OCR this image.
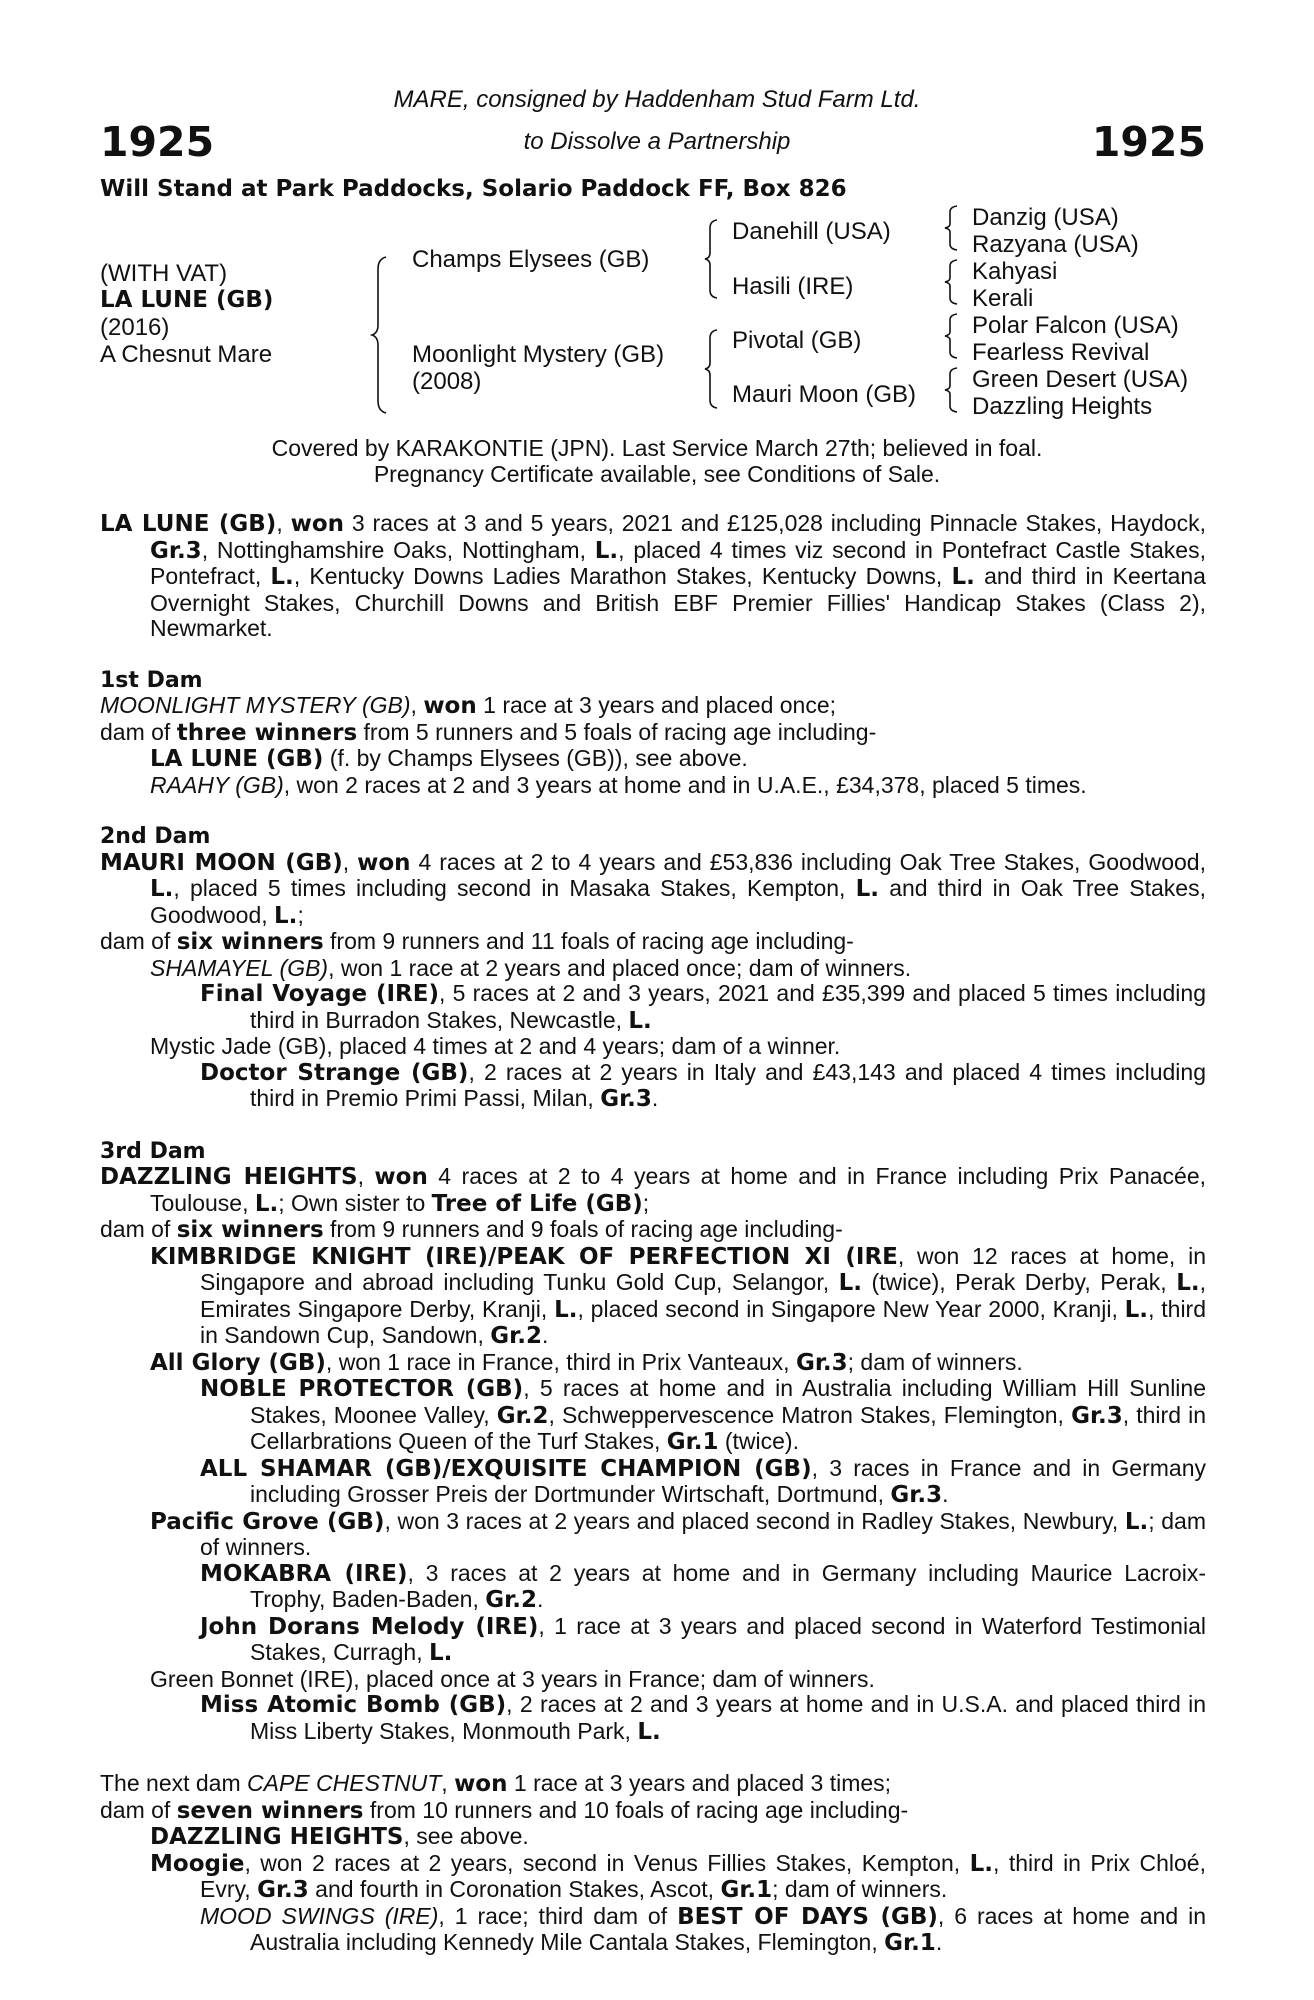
1925	1925
MARE, consigned by Haddenham Stud Farm Ltd.
to Dissolve a Partnership
Will Stand at Park Paddocks, Solario Paddock FF, Box 826
(WITH VAT)
LA LUNE (GB)
(2016)
A Chesnut Mare
Champs Elysees (GB)
Moonlight Mystery (GB)
(2008)
Danehill (USA)
Hasili (IRE)
Pivotal (GB)
Mauri Moon (GB)
Danzig (USA)
Razyana (USA)
Kahyasi
Kerali
Polar Falcon (USA)
Fearless Revival
Green Desert (USA)
Dazzling Heights
Covered by KARAKONTIE (JPN). Last Service March 27th; believed in foal.
Pregnancy Certificate available, see Conditions of Sale.
LA LUNE (GB), won 3 races at 3 and 5 years, 2021 and £125,028 including Pinnacle Stakes, Haydock, Gr.3, Nottinghamshire Oaks, Nottingham, L., placed 4 times viz second in Pontefract Castle Stakes, Pontefract, L., Kentucky Downs Ladies Marathon Stakes, Kentucky Downs, L. and third in Keertana Overnight Stakes, Churchill Downs and British EBF Premier Fillies' Handicap Stakes (Class 2), Newmarket.
1st Dam
MOONLIGHT MYSTERY (GB), won 1 race at 3 years and placed once;
dam of three winners from 5 runners and 5 foals of racing age including-
LA LUNE (GB) (f. by Champs Elysees (GB)), see above.
RAAHY (GB), won 2 races at 2 and 3 years at home and in U.A.E., £34,378, placed 5 times.
2nd Dam
MAURI MOON (GB), won 4 races at 2 to 4 years and £53,836 including Oak Tree Stakes, Goodwood, L., placed 5 times including second in Masaka Stakes, Kempton, L. and third in Oak Tree Stakes, Goodwood, L.;
dam of six winners from 9 runners and 11 foals of racing age including-
SHAMAYEL (GB), won 1 race at 2 years and placed once; dam of winners.
Final Voyage (IRE), 5 races at 2 and 3 years, 2021 and £35,399 and placed 5 times including third in Burradon Stakes, Newcastle, L.
Mystic Jade (GB), placed 4 times at 2 and 4 years; dam of a winner.
Doctor Strange (GB), 2 races at 2 years in Italy and £43,143 and placed 4 times including third in Premio Primi Passi, Milan, Gr.3.
3rd Dam
DAZZLING HEIGHTS, won 4 races at 2 to 4 years at home and in France including Prix Panacée, Toulouse, L.; Own sister to Tree of Life (GB);
dam of six winners from 9 runners and 9 foals of racing age including-
KIMBRIDGE KNIGHT (IRE)/PEAK OF PERFECTION XI (IRE, won 12 races at home, in Singapore and abroad including Tunku Gold Cup, Selangor, L. (twice), Perak Derby, Perak, L., Emirates Singapore Derby, Kranji, L., placed second in Singapore New Year 2000, Kranji, L., third in Sandown Cup, Sandown, Gr.2.
All Glory (GB), won 1 race in France, third in Prix Vanteaux, Gr.3; dam of winners.
NOBLE PROTECTOR (GB), 5 races at home and in Australia including William Hill Sunline Stakes, Moonee Valley, Gr.2, Schweppervescence Matron Stakes, Flemington, Gr.3, third in Cellarbrations Queen of the Turf Stakes, Gr.1 (twice).
ALL SHAMAR (GB)/EXQUISITE CHAMPION (GB), 3 races in France and in Germany including Grosser Preis der Dortmunder Wirtschaft, Dortmund, Gr.3.
Pacific Grove (GB), won 3 races at 2 years and placed second in Radley Stakes, Newbury, L.; dam of winners.
MOKABRA (IRE), 3 races at 2 years at home and in Germany including Maurice Lacroix-Trophy, Baden-Baden, Gr.2.
John Dorans Melody (IRE), 1 race at 3 years and placed second in Waterford Testimonial Stakes, Curragh, L.
Green Bonnet (IRE), placed once at 3 years in France; dam of winners.
Miss Atomic Bomb (GB), 2 races at 2 and 3 years at home and in U.S.A. and placed third in Miss Liberty Stakes, Monmouth Park, L.
The next dam CAPE CHESTNUT, won 1 race at 3 years and placed 3 times;
dam of seven winners from 10 runners and 10 foals of racing age including-
DAZZLING HEIGHTS, see above.
Moogie, won 2 races at 2 years, second in Venus Fillies Stakes, Kempton, L., third in Prix Chloé, Evry, Gr.3 and fourth in Coronation Stakes, Ascot, Gr.1; dam of winners.
MOOD SWINGS (IRE), 1 race; third dam of BEST OF DAYS (GB), 6 races at home and in Australia including Kennedy Mile Cantala Stakes, Flemington, Gr.1.
